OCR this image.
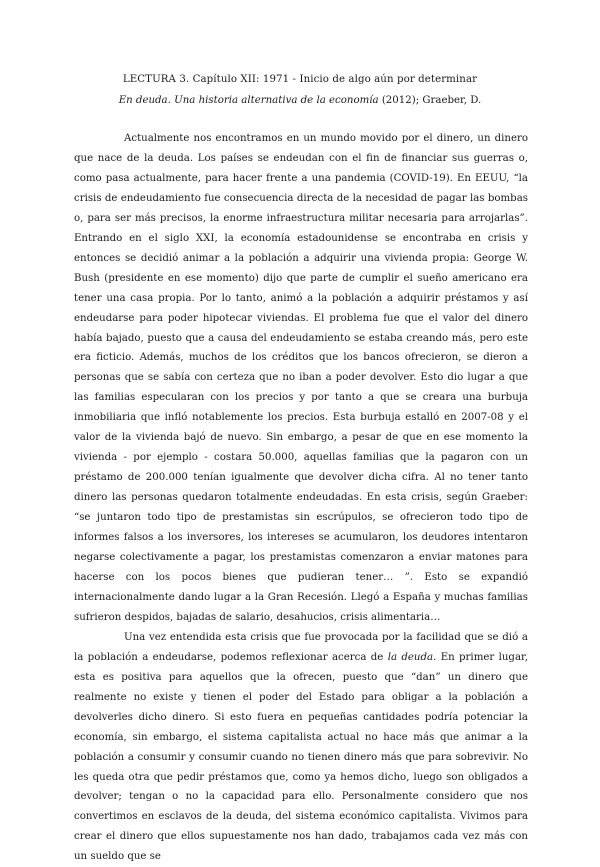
LECTURA 3. Capítulo XII: 1971 - Inicio de algo aún por determinar
En deuda. Una historia alternativa de la economía (2012); Graeber, D.

Actualmente nos encontramos en un mundo movido por el dinero, un dinero que nace de la deuda. Los países se endeudan con el fin de financiar sus guerras o, como pasa actualmente, para hacer frente a una pandemia (COVID-19). En EEUU, “la crisis de endeudamiento fue consecuencia directa de la necesidad de pagar las bombas o, para ser más precisos, la enorme infraestructura militar necesaria para arrojarlas”. Entrando en el siglo XXI, la economía estadounidense se encontraba en crisis y entonces se decidió animar a la población a adquirir una vivienda propia: George W. Bush (presidente en ese momento) dijo que parte de cumplir el sueño americano era tener una casa propia. Por lo tanto, animó a la población a adquirir préstamos y así endeudarse para poder hipotecar viviendas. El problema fue que el valor del dinero había bajado, puesto que a causa del endeudamiento se estaba creando más, pero este era ficticio. Además, muchos de los créditos que los bancos ofrecieron, se dieron a personas que se sabía con certeza que no iban a poder devolver. Esto dio lugar a que las familias especularan con los precios y por tanto a que se creara una burbuja inmobiliaria que infló notablemente los precios. Esta burbuja estalló en 2007-08 y el valor de la vivienda bajó de nuevo. Sin embargo, a pesar de que en ese momento la vivienda - por ejemplo - costara 50.000, aquellas familias que la pagaron con un préstamo de 200.000 tenían igualmente que devolver dicha cifra. Al no tener tanto dinero las personas quedaron totalmente endeudadas. En esta crisis, según Graeber: “se juntaron todo tipo de prestamistas sin escrúpulos, se ofrecieron todo tipo de informes falsos a los inversores, los intereses se acumularon, los deudores intentaron negarse colectivamente a pagar, los prestamistas comenzaron a enviar matones para hacerse con los pocos bienes que pudieran tener… ”. Esto se expandió internacionalmente dando lugar a la Gran Recesión. Llegó a España y muchas familias sufrieron despidos, bajadas de salario, desahucios, crisis alimentaria…

Una vez entendida esta crisis que fue provocada por la facilidad que se dió a la población a endeudarse, podemos reflexionar acerca de la deuda. En primer lugar, esta es positiva para aquellos que la ofrecen, puesto que “dan” un dinero que realmente no existe y tienen el poder del Estado para obligar a la población a devolverles dicho dinero. Si esto fuera en pequeñas cantidades podría potenciar la economía, sin embargo, el sistema capitalista actual no hace más que animar a la población a consumir y consumir cuando no tienen dinero más que para sobrevivir. No les queda otra que pedir préstamos que, como ya hemos dicho, luego son obligados a devolver; tengan o no la capacidad para ello. Personalmente considero que nos convertimos en esclavos de la deuda, del sistema económico capitalista. Vivimos para crear el dinero que ellos supuestamente nos han dado, trabajamos cada vez más con un sueldo que se
